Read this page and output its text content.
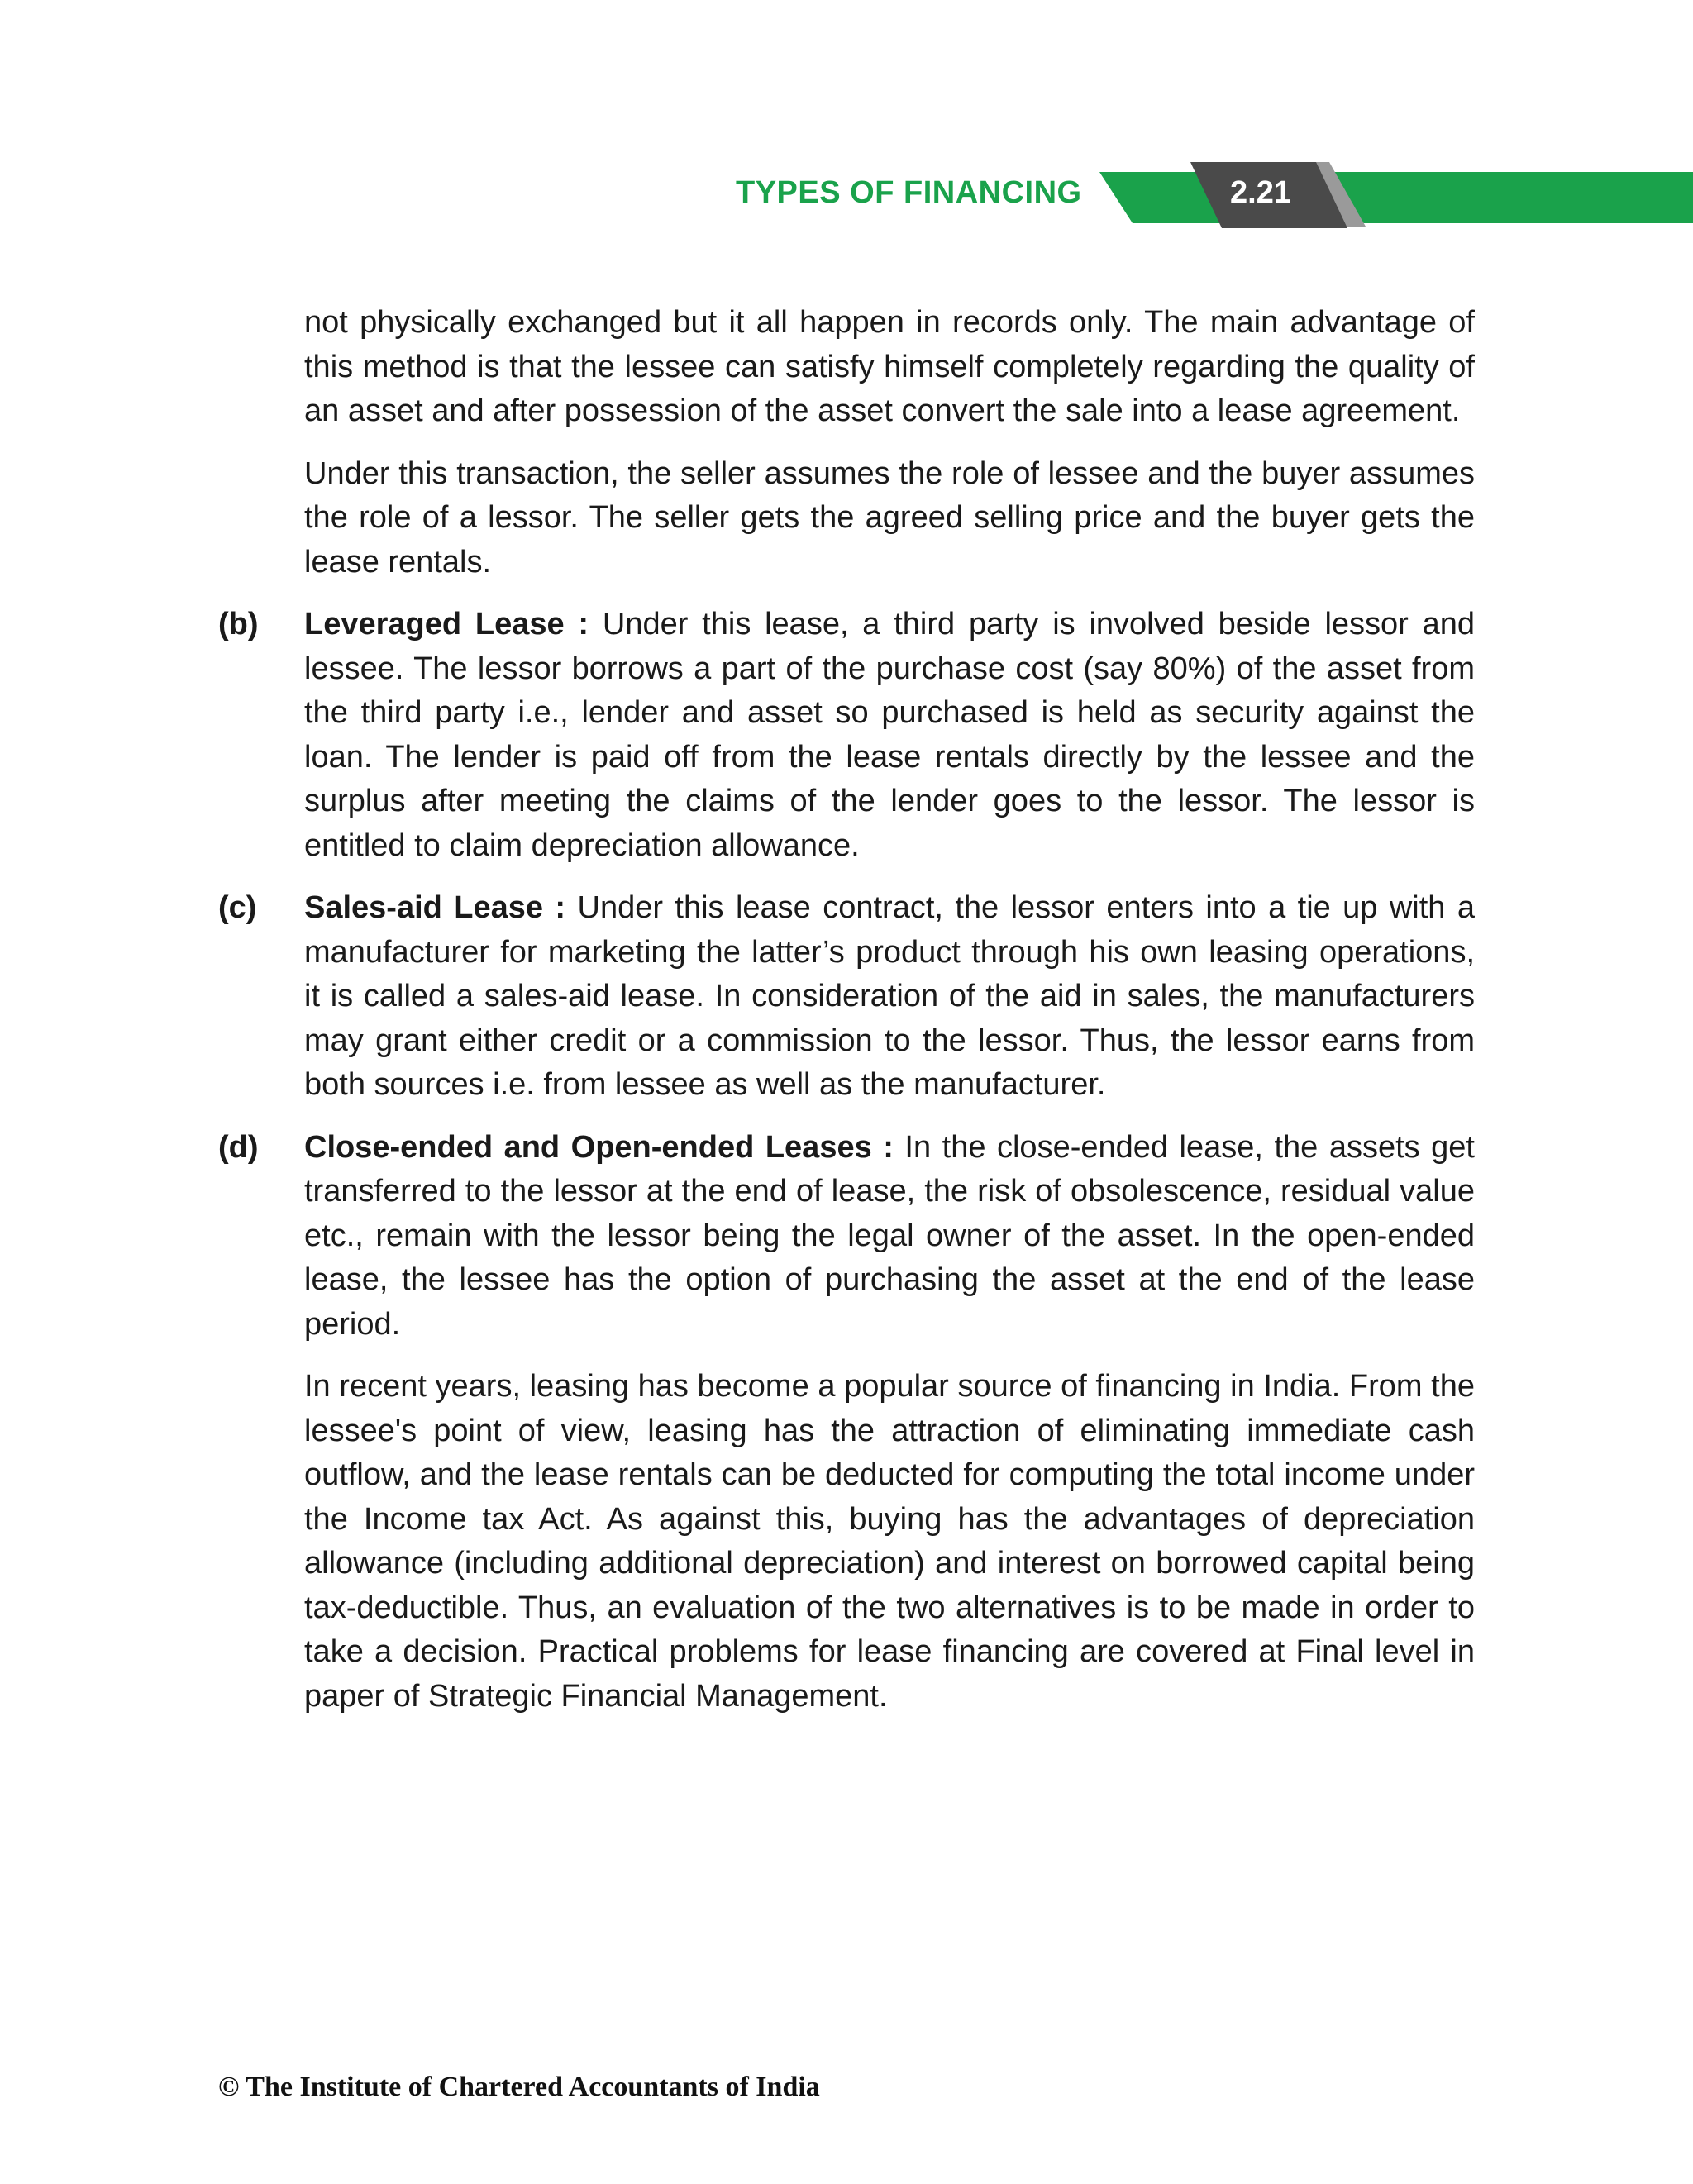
TYPES OF FINANCING	2.21

not physically exchanged but it all happen in records only. The main advantage of this method is that the lessee can satisfy himself completely regarding the quality of an asset and after possession of the asset convert the sale into a lease agreement.

Under this transaction, the seller assumes the role of lessee and the buyer assumes the role of a lessor. The seller gets the agreed selling price and the buyer gets the lease rentals.

(b)	Leveraged Lease : Under this lease, a third party is involved beside lessor and lessee. The lessor borrows a part of the purchase cost (say 80%) of the asset from the third party i.e., lender and asset so purchased is held as security against the loan. The lender is paid off from the lease rentals directly by the lessee and the surplus after meeting the claims of the lender goes to the lessor. The lessor is entitled to claim depreciation allowance.
(c)	Sales-aid Lease : Under this lease contract, the lessor enters into a tie up with a manufacturer for marketing the latter’s product through his own leasing operations, it is called a sales-aid lease. In consideration of the aid in sales, the manufacturers may grant either credit or a commission to the lessor. Thus, the lessor earns from both sources i.e. from lessee as well as the manufacturer.
(d)	Close-ended and Open-ended Leases : In the close-ended lease, the assets get transferred to the lessor at the end of lease, the risk of obsolescence, residual value etc., remain with the lessor being the legal owner of the asset. In the open-ended lease, the lessee has the option of purchasing the asset at the end of the lease period.

In recent years, leasing has become a popular source of financing in India. From the lessee's point of view, leasing has the attraction of eliminating immediate cash outflow, and the lease rentals can be deducted for computing the total income under the Income tax Act. As against this, buying has the advantages of depreciation allowance (including additional depreciation) and interest on borrowed capital being tax-deductible. Thus, an evaluation of the two alternatives is to be made in order to take a decision. Practical problems for lease financing are covered at Final level in paper of Strategic Financial Management.

© The Institute of Chartered Accountants of India
